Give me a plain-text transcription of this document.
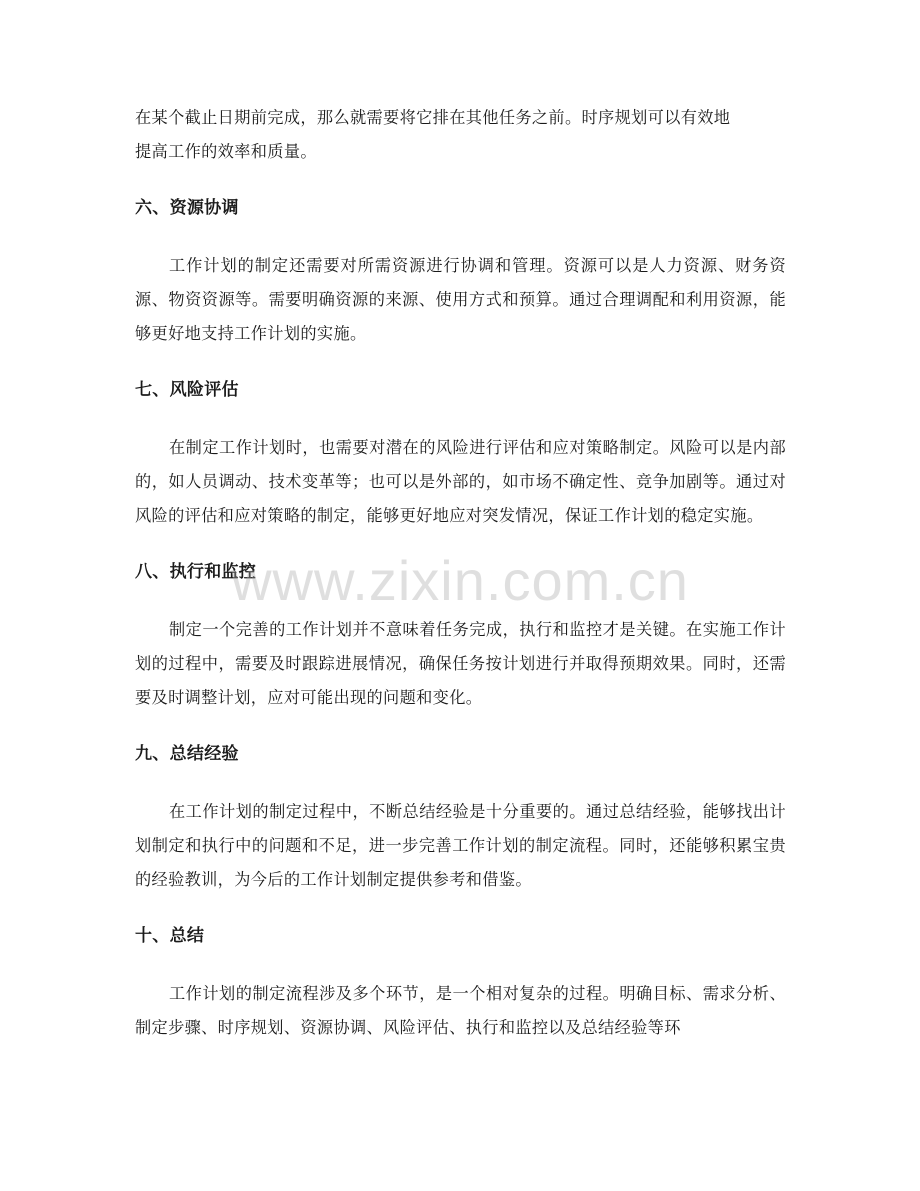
在某个截止日期前完成，那么就需要将它排在其他任务之前。时序规划可以有效地
提高工作的效率和质量。

六、资源协调

工作计划的制定还需要对所需资源进行协调和管理。资源可以是人力资源、财务资源、物资资源等。需要明确资源的来源、使用方式和预算。通过合理调配和利用资源，能够更好地支持工作计划的实施。

七、风险评估

在制定工作计划时，也需要对潜在的风险进行评估和应对策略制定。风险可以是内部的，如人员调动、技术变革等；也可以是外部的，如市场不确定性、竞争加剧等。通过对风险的评估和应对策略的制定，能够更好地应对突发情况，保证工作计划的稳定实施。

八、执行和监控

制定一个完善的工作计划并不意味着任务完成，执行和监控才是关键。在实施工作计划的过程中，需要及时跟踪进展情况，确保任务按计划进行并取得预期效果。同时，还需要及时调整计划，应对可能出现的问题和变化。

九、总结经验

在工作计划的制定过程中，不断总结经验是十分重要的。通过总结经验，能够找出计划制定和执行中的问题和不足，进一步完善工作计划的制定流程。同时，还能够积累宝贵的经验教训，为今后的工作计划制定提供参考和借鉴。

十、总结

工作计划的制定流程涉及多个环节，是一个相对复杂的过程。明确目标、需求分析、制定步骤、时序规划、资源协调、风险评估、执行和监控以及总结经验等环

www.zixin.com.cn
